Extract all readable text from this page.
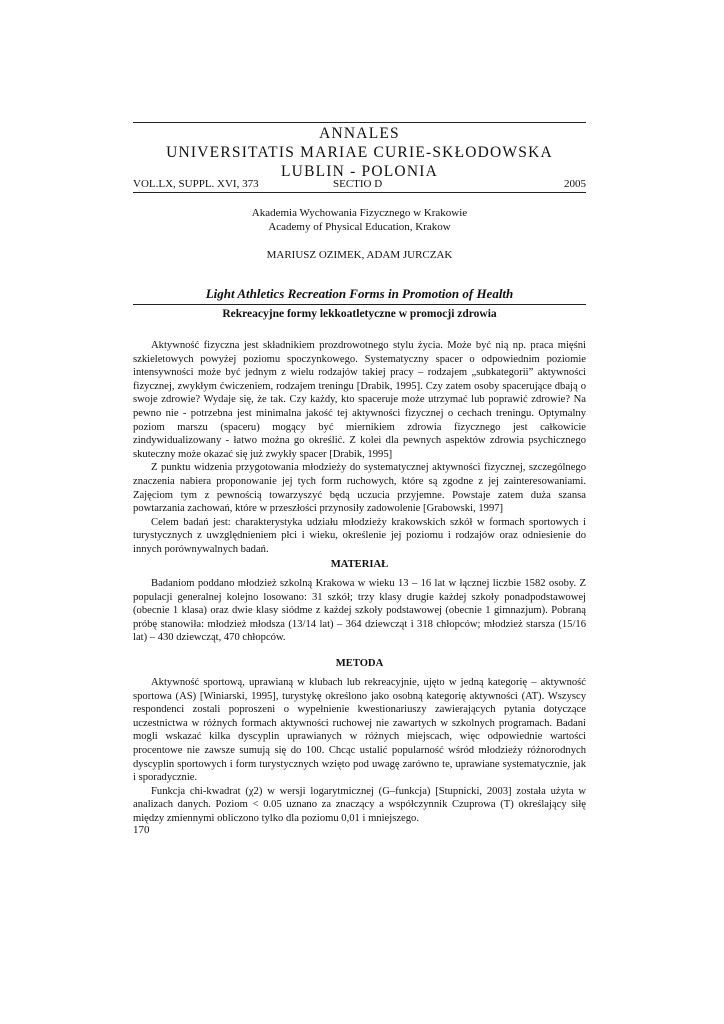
ANNALES
UNIVERSITATIS MARIAE CURIE-SKŁODOWSKA
LUBLIN - POLONIA
VOL.LX, SUPPL. XVI, 373	SECTIO D	2005
Akademia Wychowania Fizycznego w Krakowie
Academy of Physical Education, Krakow
MARIUSZ OZIMEK, ADAM JURCZAK
Light Athletics Recreation Forms in Promotion of Health
Rekreacyjne formy lekkoatletyczne w promocji zdrowia

Aktywność fizyczna jest składnikiem prozdrowotnego stylu życia. Może być nią np. praca mięśni szkieletowych powyżej poziomu spoczynkowego. Systematyczny spacer o odpowiednim poziomie intensywności może być jednym z wielu rodzajów takiej pracy – rodzajem „subkategorii” aktywności fizycznej, zwykłym ćwiczeniem, rodzajem treningu [Drabik, 1995]. Czy zatem osoby spacerujące dbają o swoje zdrowie? Wydaje się, że tak. Czy każdy, kto spaceruje może utrzymać lub poprawić zdrowie? Na pewno nie - potrzebna jest minimalna jakość tej aktywności fizycznej o cechach treningu. Optymalny poziom marszu (spaceru) mogący być miernikiem zdrowia fizycznego jest całkowicie zindywidualizowany - łatwo można go określić. Z kolei dla pewnych aspektów zdrowia psychicznego skuteczny może okazać się już zwykły spacer [Drabik, 1995]

Z punktu widzenia przygotowania młodzieży do systematycznej aktywności fizycznej, szczególnego znaczenia nabiera proponowanie jej tych form ruchowych, które są zgodne z jej zainteresowaniami. Zajęciom tym z pewnością towarzyszyć będą uczucia przyjemne. Powstaje zatem duża szansa powtarzania zachowań, które w przeszłości przynosiły zadowolenie [Grabowski, 1997]

Celem badań jest: charakterystyka udziału młodzieży krakowskich szkół w formach sportowych i turystycznych z uwzględnieniem płci i wieku, określenie jej poziomu i rodzajów oraz odniesienie do innych porównywalnych badań.

MATERIAŁ

Badaniom poddano młodzież szkolną Krakowa w wieku 13 – 16 lat w łącznej liczbie 1582 osoby. Z populacji generalnej kolejno losowano: 31 szkół; trzy klasy drugie każdej szkoły ponadpodstawowej (obecnie 1 klasa) oraz dwie klasy siódme z każdej szkoły podstawowej (obecnie 1 gimnazjum). Pobraną próbę stanowiła: młodzież młodsza (13/14 lat) – 364 dziewcząt i 318 chłopców; młodzież starsza (15/16 lat) – 430 dziewcząt, 470 chłopców.

METODA

Aktywność sportową, uprawianą w klubach lub rekreacyjnie, ujęto w jedną kategorię – aktywność sportowa (AS) [Winiarski, 1995], turystykę określono jako osobną kategorię aktywności (AT). Wszyscy respondenci zostali poproszeni o wypełnienie kwestionariuszy zawierających pytania dotyczące uczestnictwa w różnych formach aktywności ruchowej nie zawartych w szkolnych programach. Badani mogli wskazać kilka dyscyplin uprawianych w różnych miejscach, więc odpowiednie wartości procentowe nie zawsze sumują się do 100. Chcąc ustalić popularność wśród młodzieży różnorodnych dyscyplin sportowych i form turystycznych wzięto pod uwagę zarówno te, uprawiane systematycznie, jak i sporadycznie.

Funkcja chi-kwadrat (χ2) w wersji logarytmicznej (G–funkcja) [Stupnicki, 2003] została użyta w analizach danych. Poziom < 0.05 uznano za znaczący a współczynnik Czuprowa (T) określający siłę między zmiennymi obliczono tylko dla poziomu 0,01 i mniejszego.

170
